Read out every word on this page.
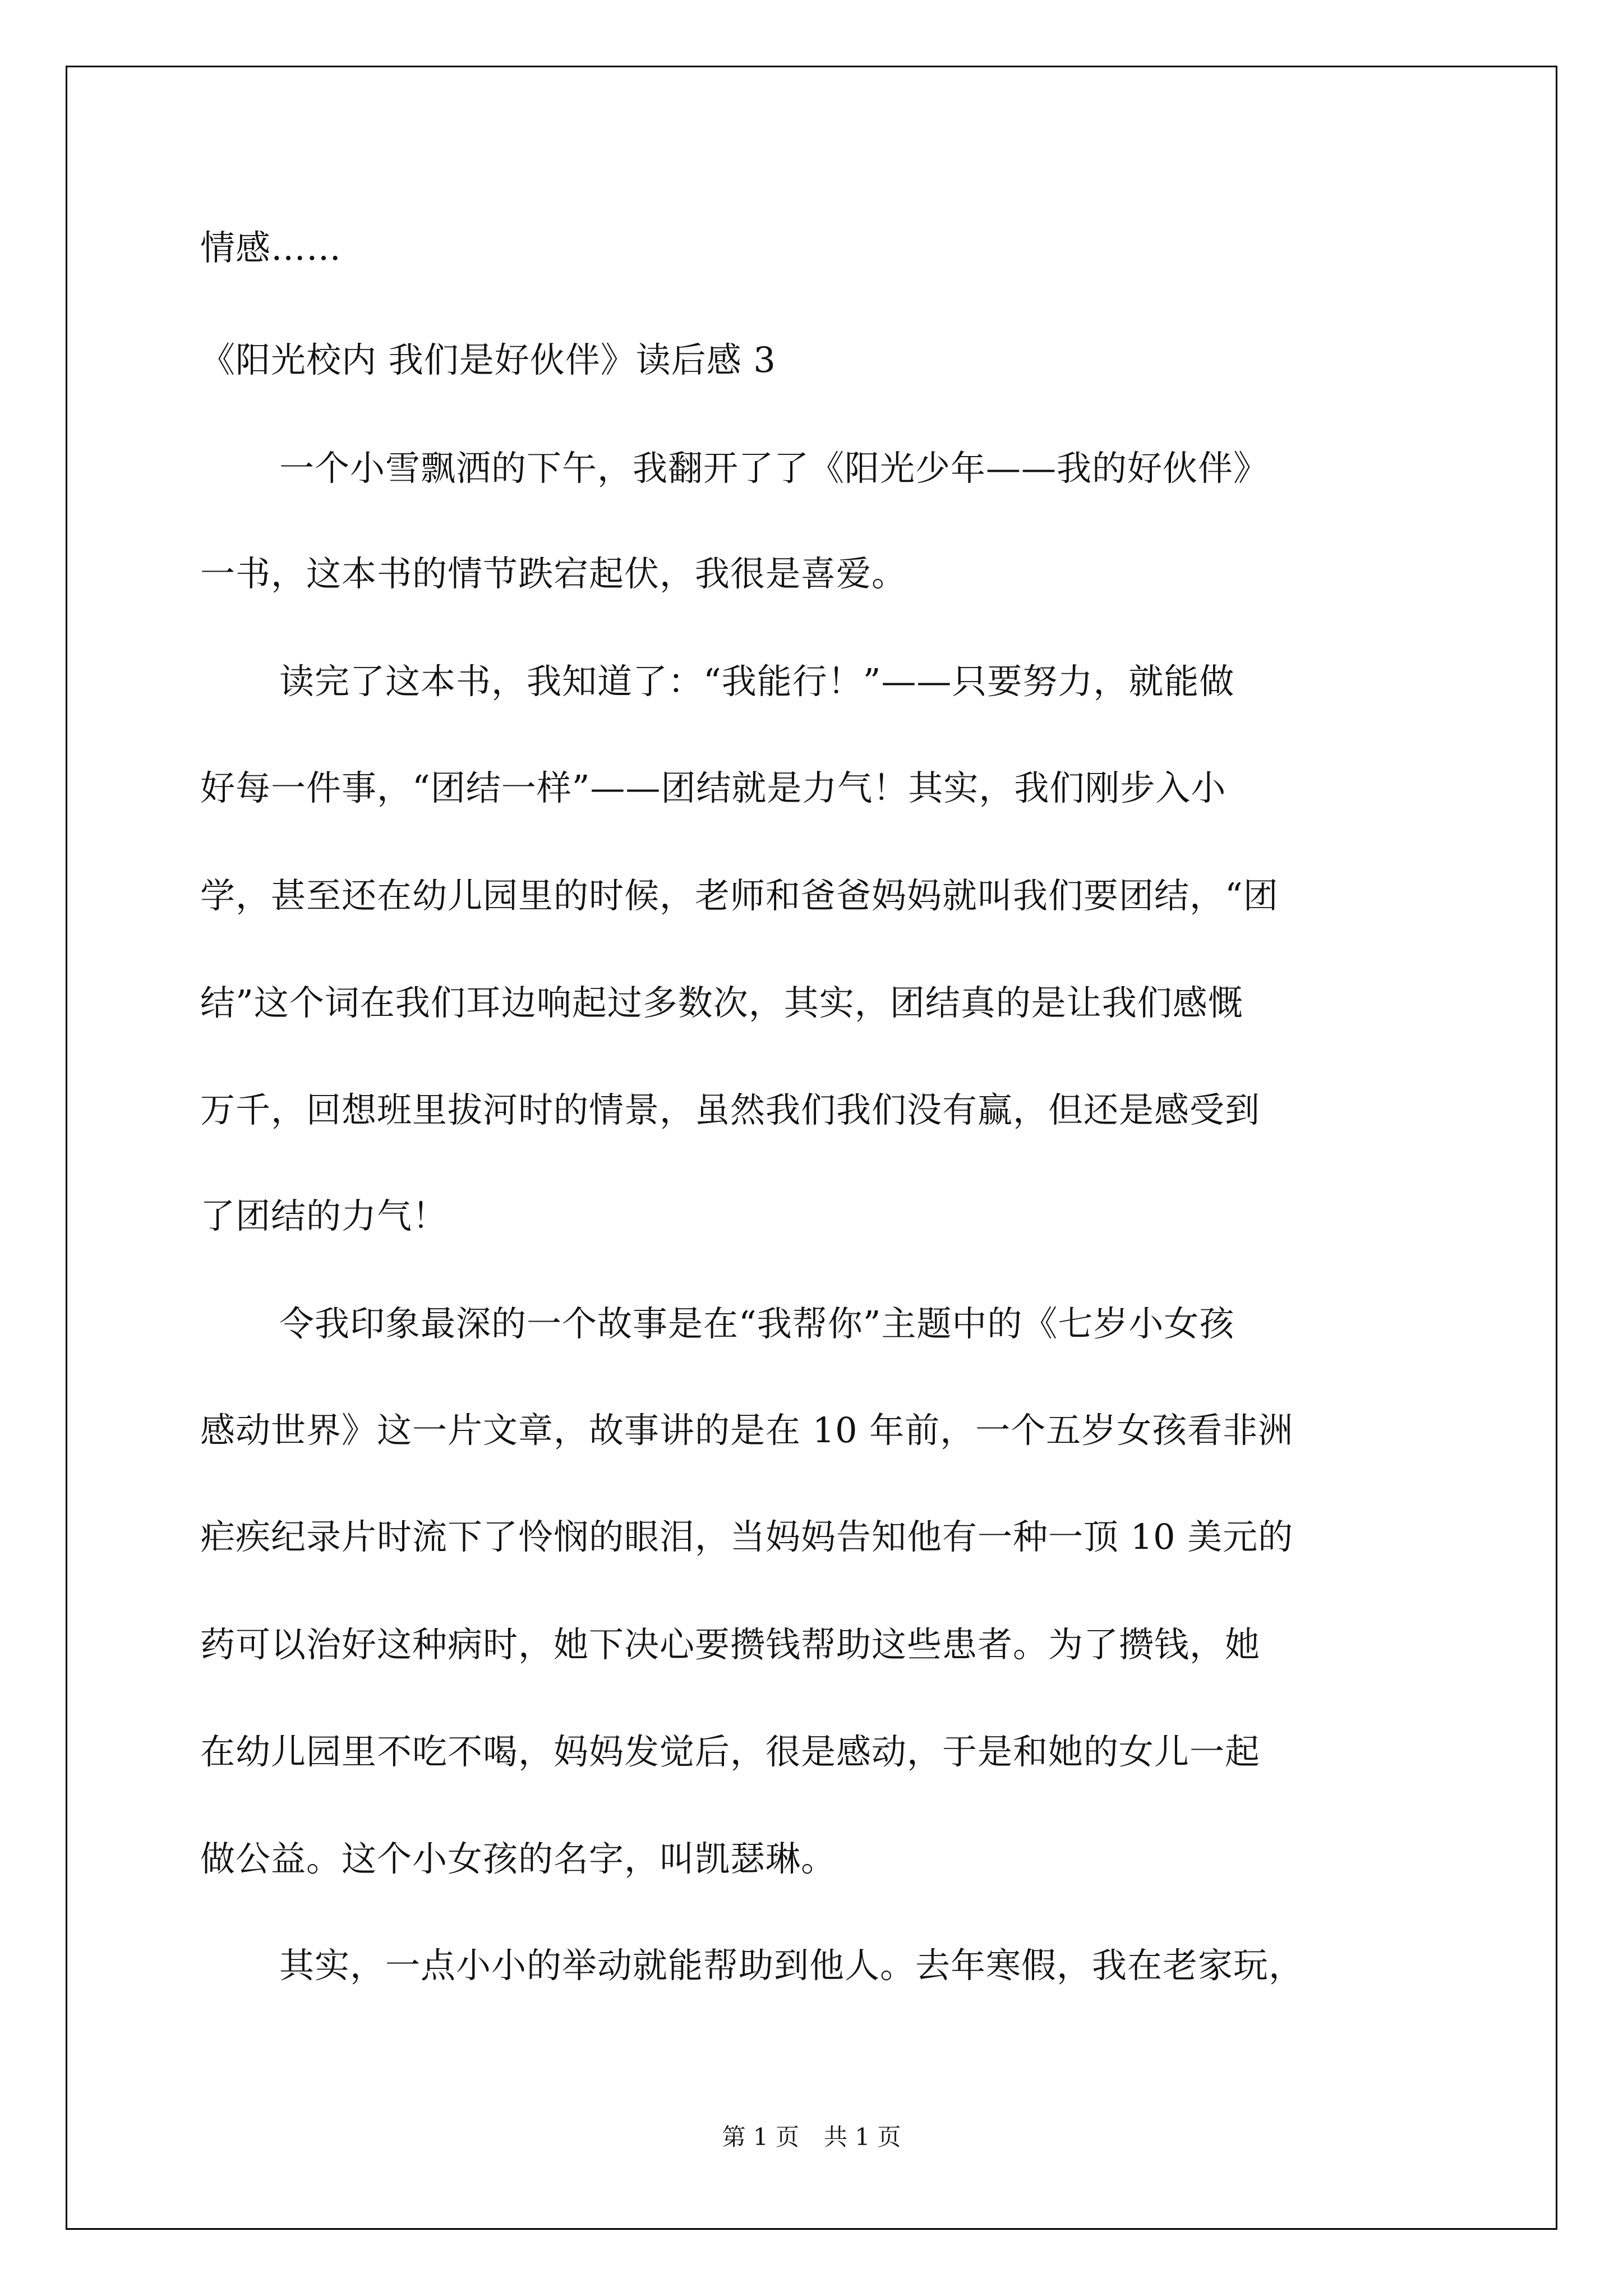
情感……
《阳光校内 我们是好伙伴》读后感 3
一个小雪飘洒的下午，我翻开了了《阳光少年——我的好伙伴》
一书，这本书的情节跌宕起伏，我很是喜爱。
读完了这本书，我知道了：“我能行！”——只要努力，就能做
好每一件事，“团结一样”——团结就是力气！其实，我们刚步入小
学，甚至还在幼儿园里的时候，老师和爸爸妈妈就叫我们要团结，“团
结”这个词在我们耳边响起过多数次，其实，团结真的是让我们感慨
万千，回想班里拔河时的情景，虽然我们我们没有赢，但还是感受到
了团结的力气！
令我印象最深的一个故事是在“我帮你”主题中的《七岁小女孩
感动世界》这一片文章，故事讲的是在 10 年前，一个五岁女孩看非洲
疟疾纪录片时流下了怜悯的眼泪，当妈妈告知他有一种一顶 10 美元的
药可以治好这种病时，她下决心要攒钱帮助这些患者。为了攒钱，她
在幼儿园里不吃不喝，妈妈发觉后，很是感动，于是和她的女儿一起
做公益。这个小女孩的名字，叫凯瑟琳。
其实，一点小小的举动就能帮助到他人。去年寒假，我在老家玩，
第 1 页 共 1 页
